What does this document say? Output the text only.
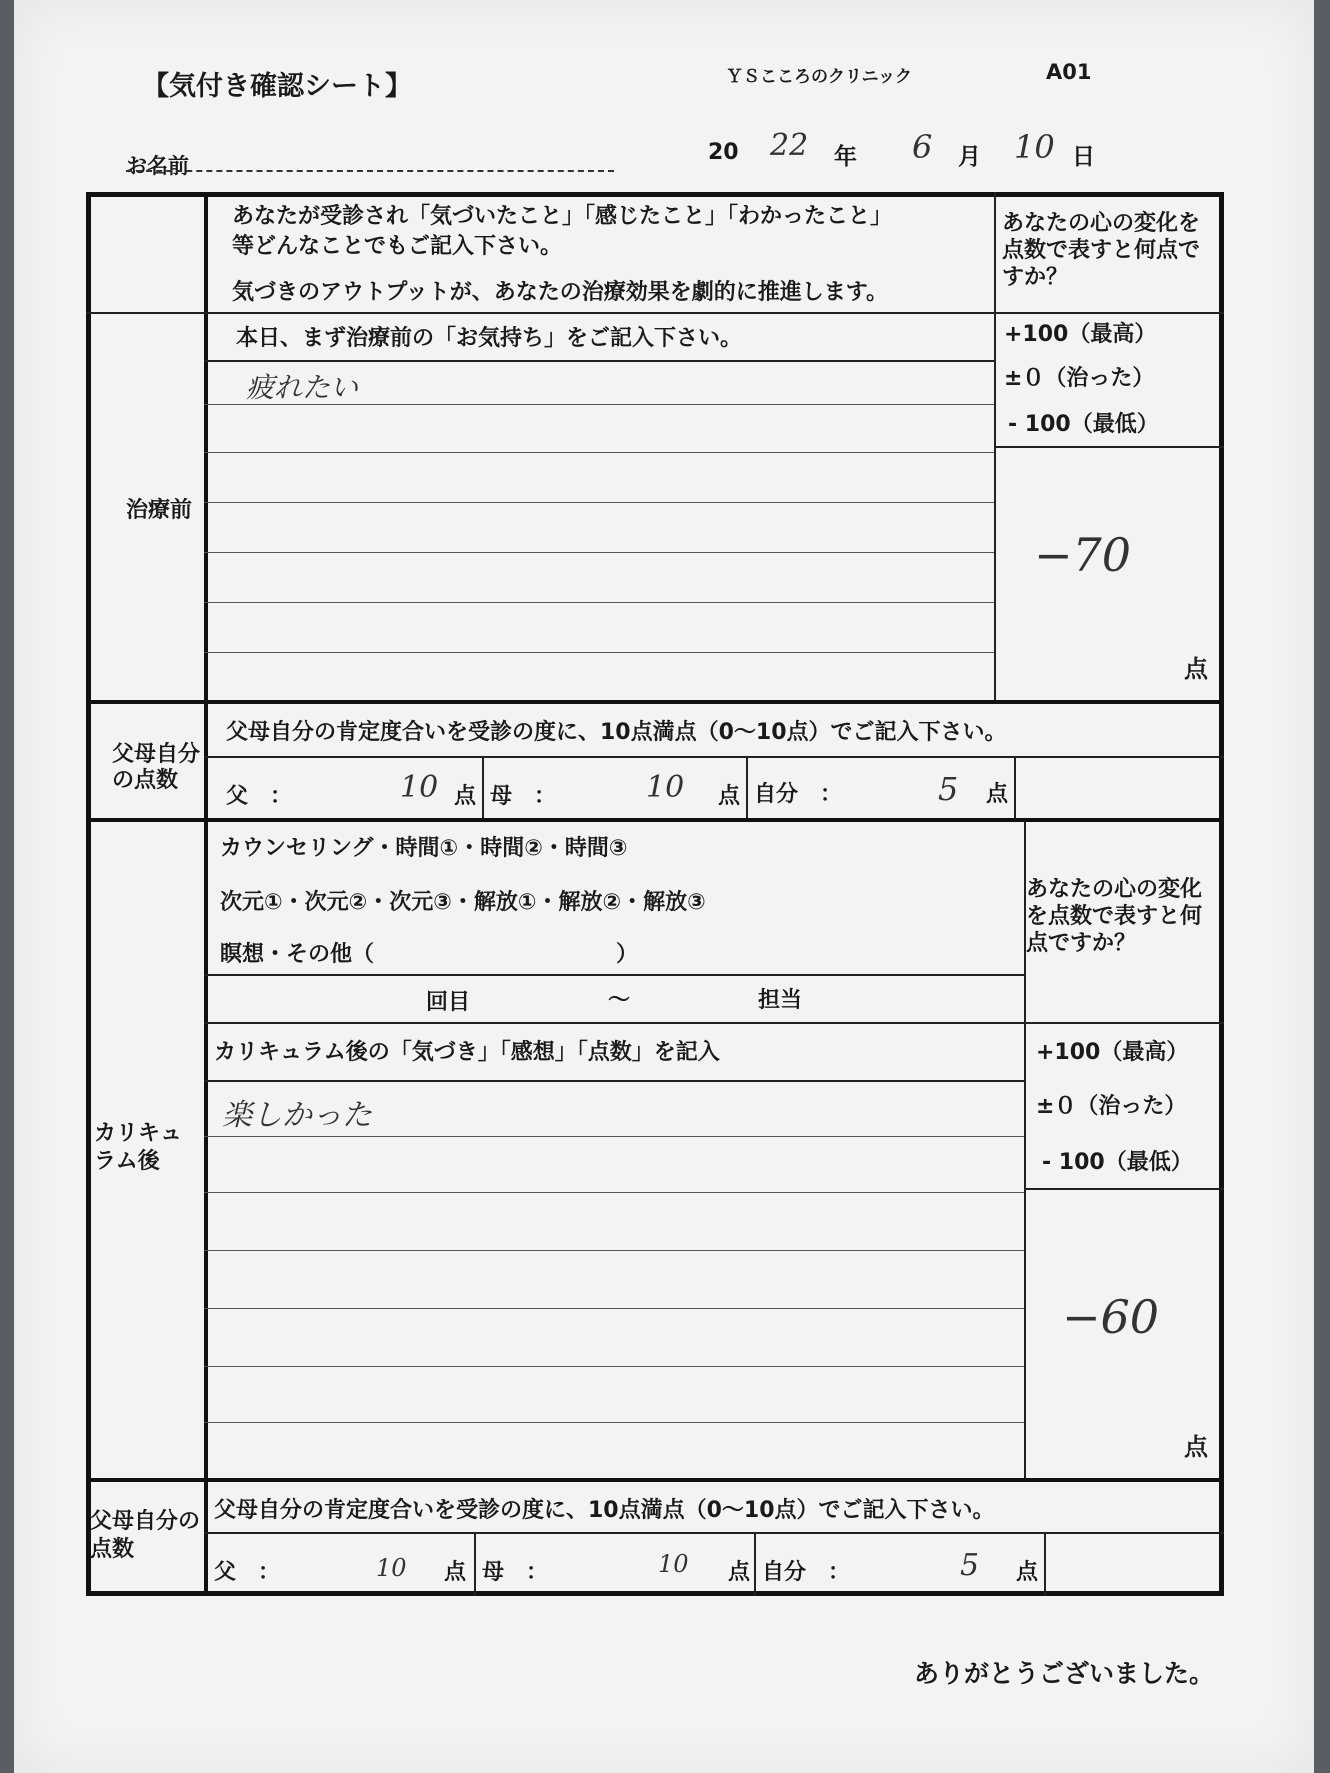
【気付き確認シート】	ＹＳこころのクリニック	A01
お名前
20 22 年 6 月 10 日
あなたが受診され「気づいたこと」「感じたこと」「わかったこと」
等どんなことでもご記入下さい。
気づきのアウトプットが、あなたの治療効果を劇的に推進します。
あなたの心の変化を点数で表すと何点ですか？
治療前
本日、まず治療前の「お気持ち」をご記入下さい。
疲れたい
+100（最高）
±０（治った）
- 100（最低）
−70
点
父母自分の点数
父母自分の肯定度合いを受診の度に、10点満点（0～10点）でご記入下さい。
父　：	10 点 母　：	10 点 自分　：	5 点
カリキュラム後
カウンセリング・時間①・時間②・時間③
次元①・次元②・次元③・解放①・解放②・解放③
瞑想・その他（　　　　　　　　　　　）
回目	～	担当
あなたの心の変化を点数で表すと何点ですか？
カリキュラム後の「気づき」「感想」「点数」を記入
楽しかった
+100（最高）
±０（治った）
- 100（最低）
−60
点
父母自分の点数
父母自分の肯定度合いを受診の度に、10点満点（0～10点）でご記入下さい。
父　：	10 点 母　：	10 点 自分　：	5 点
ありがとうございました。
